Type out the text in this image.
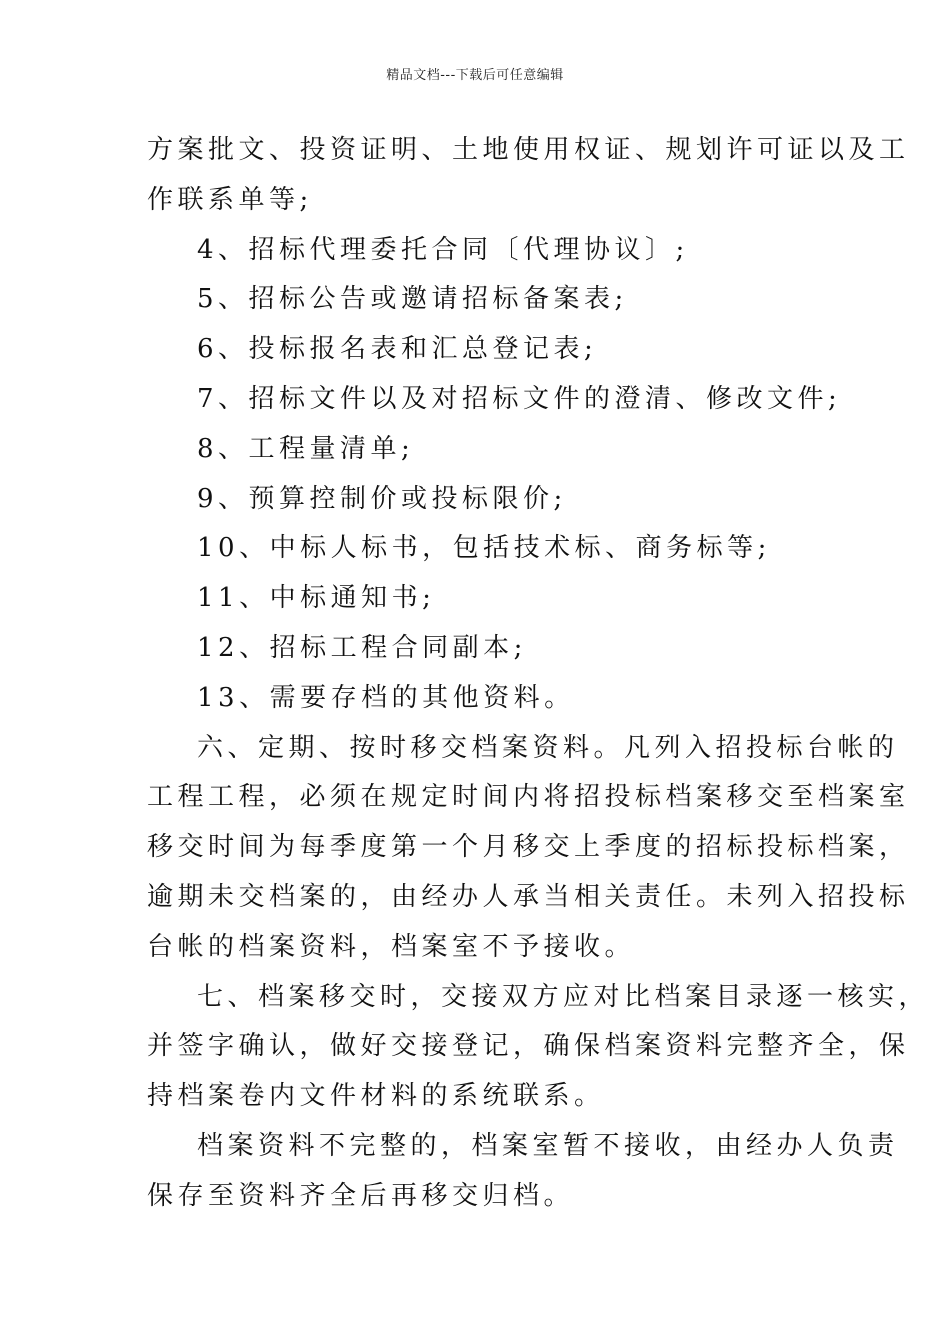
精品文档---下载后可任意编辑
方案批文、投资证明、土地使用权证、规划许可证以及工
作联系单等;
4、招标代理委托合同〔代理协议〕;
5、招标公告或邀请招标备案表;
6、投标报名表和汇总登记表;
7、招标文件以及对招标文件的澄清、修改文件;
8、工程量清单;
9、预算控制价或投标限价;
10、中标人标书，包括技术标、商务标等;
11、中标通知书;
12、招标工程合同副本;
13、需要存档的其他资料。
六、定期、按时移交档案资料。凡列入招投标台帐的
工程工程，必须在规定时间内将招投标档案移交至档案室
移交时间为每季度第一个月移交上季度的招标投标档案，
逾期未交档案的，由经办人承当相关责任。未列入招投标
台帐的档案资料，档案室不予接收。
七、档案移交时，交接双方应对比档案目录逐一核实，
并签字确认，做好交接登记，确保档案资料完整齐全，保
持档案卷内文件材料的系统联系。
档案资料不完整的，档案室暂不接收，由经办人负责
保存至资料齐全后再移交归档。
